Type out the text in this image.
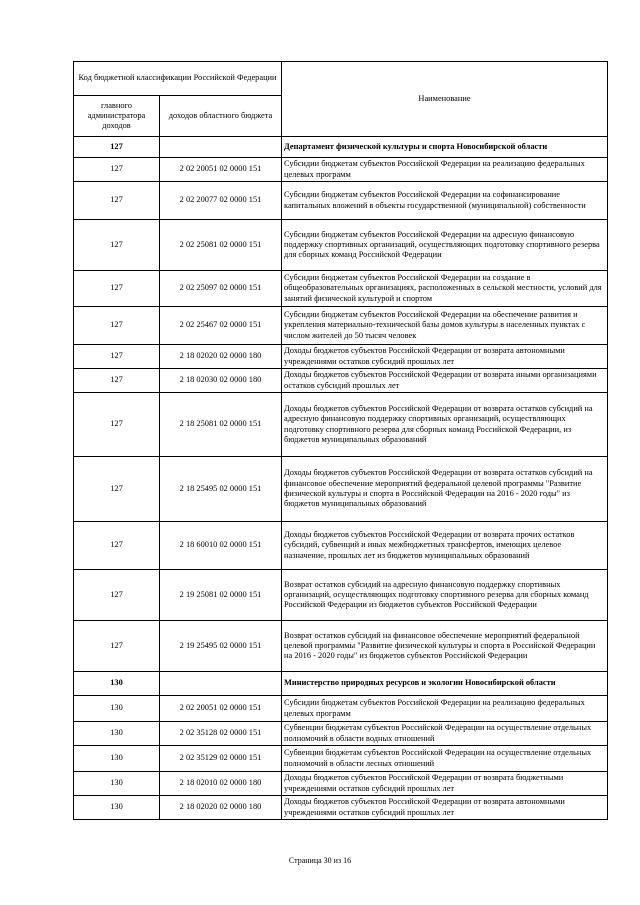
Код бюджетной классификации Российской Федерации		Наименование
главного администратора доходов	доходов областного бюджета	
127		Департамент физической культуры и спорта Новосибирской области
127	2 02 20051 02 0000 151	Субсидии бюджетам субъектов Российской Федерации на реализацию федеральных целевых программ
127	2 02 20077 02 0000 151	Субсидии бюджетам субъектов Российской Федерации на софинансирование капитальных вложений в объекты государственной (муниципальной) собственности
127	2 02 25081 02 0000 151	Субсидии бюджетам субъектов Российской Федерации на адресную финансовую поддержку спортивных организаций, осуществляющих подготовку спортивного резерва для сборных команд Российской Федерации
127	2 02 25097 02 0000 151	Субсидии бюджетам субъектов Российской Федерации на создание в общеобразовательных организациях, расположенных в сельской местности, условий для занятий физической культурой и спортом
127	2 02 25467 02 0000 151	Субсидии бюджетам субъектов Российской Федерации на обеспечение развития и укрепления материально-технической базы домов культуры в населенных пунктах с числом жителей до 50 тысяч человек
127	2 18 02020 02 0000 180	Доходы бюджетов субъектов Российской Федерации от возврата автономными учреждениями остатков субсидий прошлых лет
127	2 18 02030 02 0000 180	Доходы бюджетов субъектов Российской Федерации от возврата иными организациями остатков субсидий прошлых лет
127	2 18 25081 02 0000 151	Доходы бюджетов субъектов Российской Федерации от возврата остатков субсидий на адресную финансовую поддержку спортивных организаций, осуществляющих подготовку спортивного резерва для сборных команд Российской Федерации, из бюджетов муниципальных образований
127	2 18 25495 02 0000 151	Доходы бюджетов субъектов Российской Федерации от возврата остатков субсидий на финансовое обеспечение мероприятий федеральной целевой программы "Развитие физической культуры и спорта в Российской Федерации на 2016 - 2020 годы" из бюджетов муниципальных образований
127	2 18 60010 02 0000 151	Доходы бюджетов субъектов Российской Федерации от возврата прочих остатков субсидий, субвенций и иных межбюджетных трансфертов, имеющих целевое назначение, прошлых лет из бюджетов муниципальных образований
127	2 19 25081 02 0000 151	Возврат остатков субсидий на адресную финансовую поддержку спортивных организаций, осуществляющих подготовку спортивного резерва для сборных команд Российской Федерации из бюджетов субъектов Российской Федерации
127	2 19 25495 02 0000 151	Возврат остатков субсидий на финансовое обеспечение мероприятий федеральной целевой программы "Развитие физической культуры и спорта в Российской Федерации на 2016 - 2020 годы" из бюджетов субъектов Российской Федерации
130		Министерство природных ресурсов и экологии Новосибирской области
130	2 02 20051 02 0000 151	Субсидии бюджетам субъектов Российской Федерации на реализацию федеральных целевых программ
130	2 02 35128 02 0000 151	Субвенции бюджетам субъектов Российской Федерации на осуществление отдельных полномочий в области водных отношений
130	2 02 35129 02 0000 151	Субвенции бюджетам субъектов Российской Федерации на осуществление отдельных полномочий в области лесных отношений
130	2 18 02010 02 0000 180	Доходы бюджетов субъектов Российской Федерации от возврата бюджетными учреждениями остатков субсидий прошлых лет
130	2 18 02020 02 0000 180	Доходы бюджетов субъектов Российской Федерации от возврата автономными учреждениями остатков субсидий прошлых лет
Страница 30 из 16
